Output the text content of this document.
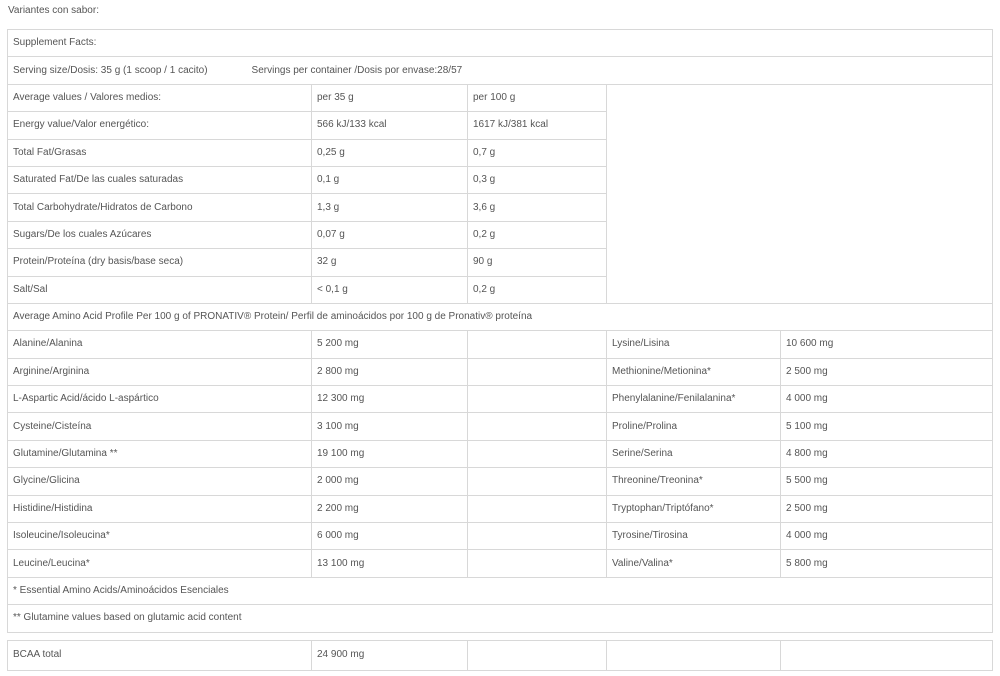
Variantes con sabor:
Supplement Facts:				
Serving size/Dosis: 35 g (1 scoop / 1 cacito) Servings per container /Dosis por envase:28/57				
Average values / Valores medios:	per 35 g	per 100 g		
Energy value/Valor energético:	566 kJ/133 kcal	1617 kJ/381 kcal		
Total Fat/Grasas	0,25 g	0,7 g		
Saturated Fat/De las cuales saturadas	0,1 g	0,3 g		
Total Carbohydrate/Hidratos de Carbono	1,3 g	3,6 g		
Sugars/De los cuales Azúcares	0,07 g	0,2 g		
Protein/Proteína (dry basis/base seca)	32 g	90 g		
Salt/Sal	< 0,1 g	0,2 g		
Average Amino Acid Profile Per 100 g of PRONATIV® Protein/ Perfil de aminoácidos por 100 g de Pronativ® proteína				
Alanine/Alanina	5 200 mg		Lysine/Lisina	10 600 mg
Arginine/Arginina	2 800 mg		Methionine/Metionina*	2 500 mg
L-Aspartic Acid/ácido L-aspártico	12 300 mg		Phenylalanine/Fenilalanina*	4 000 mg
Cysteine/Cisteína	3 100 mg		Proline/Prolina	5 100 mg
Glutamine/Glutamina **	19 100 mg		Serine/Serina	4 800 mg
Glycine/Glicina	2 000 mg		Threonine/Treonina*	5 500 mg
Histidine/Histidina	2 200 mg		Tryptophan/Triptófano*	2 500 mg
Isoleucine/Isoleucina*	6 000 mg		Tyrosine/Tirosina	4 000 mg
Leucine/Leucina*	13 100 mg		Valine/Valina*	5 800 mg
* Essential Amino Acids/Aminoácidos Esenciales				
** Glutamine values based on glutamic acid content				

BCAA total	24 900 mg			
